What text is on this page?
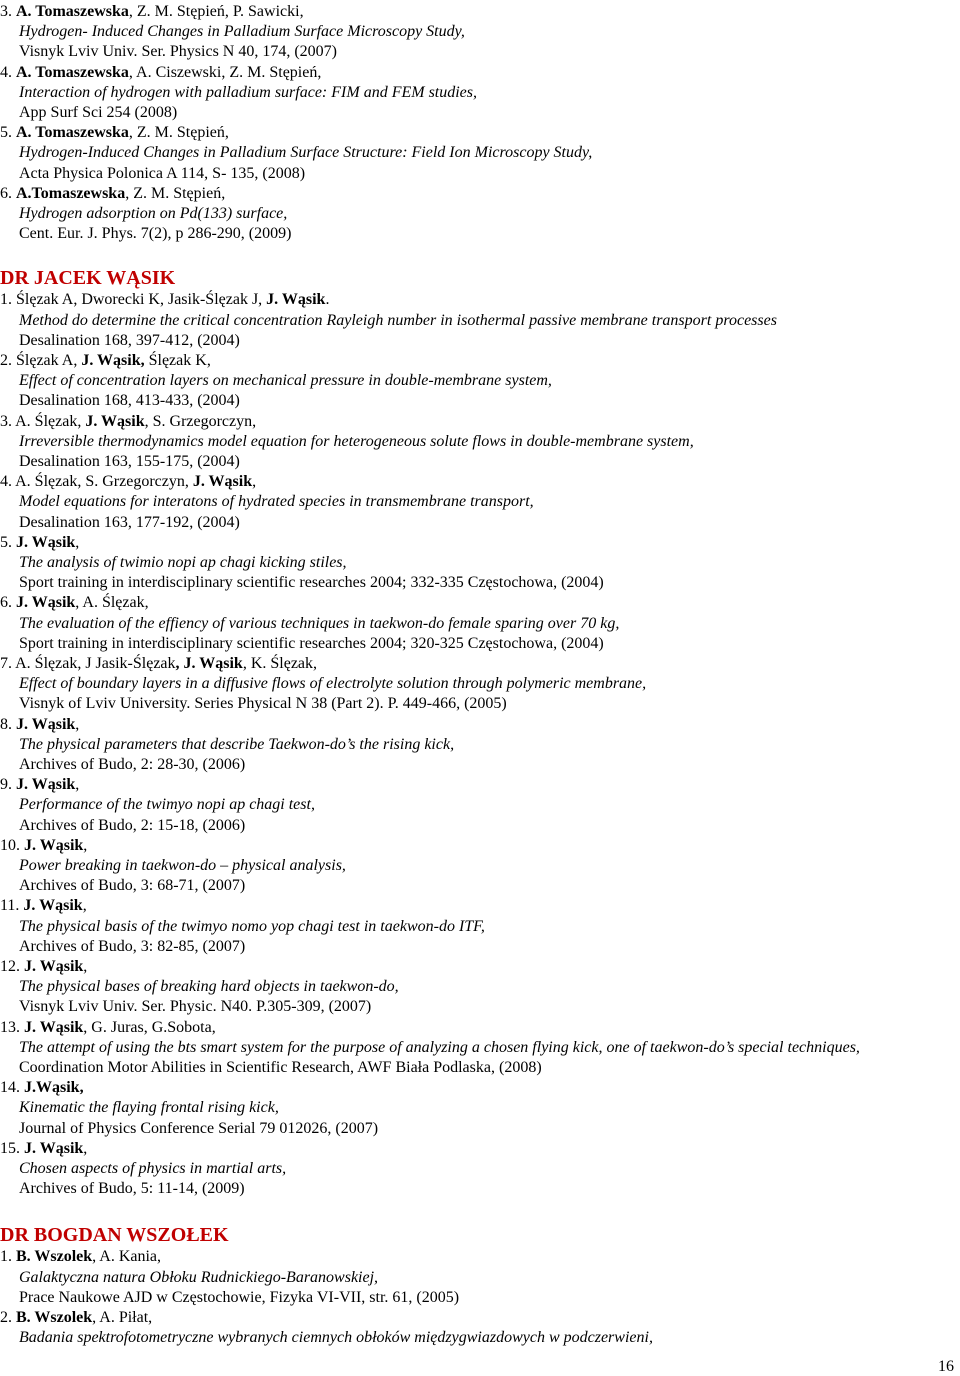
3. A. Tomaszewska, Z. M. Stępień, P. Sawicki,
Hydrogen- Induced Changes in Palladium Surface Microscopy Study,
Visnyk Lviv Univ. Ser. Physics N 40, 174, (2007)
4. A. Tomaszewska, A. Ciszewski, Z. M. Stępień,
Interaction of hydrogen with palladium surface: FIM and FEM studies,
App Surf Sci 254 (2008)
5. A. Tomaszewska, Z. M. Stępień,
Hydrogen-Induced Changes in Palladium Surface Structure: Field Ion Microscopy Study,
Acta Physica Polonica A 114, S- 135, (2008)
6. A.Tomaszewska, Z. M. Stępień,
Hydrogen adsorption on Pd(133) surface,
Cent. Eur. J. Phys. 7(2), p 286-290, (2009)
DR JACEK WĄSIK
1. Ślęzak A, Dworecki K, Jasik-Ślęzak J, J. Wąsik.
Method do determine the critical concentration Rayleigh number in isothermal passive membrane transport processes
Desalination 168, 397-412, (2004)
2. Ślęzak A, J. Wąsik, Ślęzak K,
Effect of concentration layers on mechanical pressure in double-membrane system,
Desalination 168, 413-433, (2004)
3. A. Ślęzak, J. Wąsik, S. Grzegorczyn,
Irreversible thermodynamics model equation for heterogeneous solute flows in double-membrane system,
Desalination 163, 155-175, (2004)
4. A. Ślęzak, S. Grzegorczyn, J. Wąsik,
Model equations for interatons of hydrated species in transmembrane transport,
Desalination 163, 177-192, (2004)
5. J. Wąsik,
The analysis of twimio nopi ap chagi kicking stiles,
Sport training in interdisciplinary scientific researches 2004; 332-335 Częstochowa, (2004)
6. J. Wąsik, A. Ślęzak,
The evaluation of the effiency of various techniques in taekwon-do female sparing over 70 kg,
Sport training in interdisciplinary scientific researches 2004; 320-325 Częstochowa, (2004)
7. A. Ślęzak, J Jasik-Ślęzak, J. Wąsik, K. Ślęzak,
Effect of boundary layers in a diffusive flows of electrolyte solution through polymeric membrane,
Visnyk of Lviv University. Series Physical N 38 (Part 2). P. 449-466, (2005)
8. J. Wąsik,
The physical parameters that describe Taekwon-do’s the rising kick,
Archives of Budo, 2: 28-30, (2006)
9. J. Wąsik,
Performance of the twimyo nopi ap chagi test,
Archives of Budo, 2: 15-18, (2006)
10. J. Wąsik,
Power breaking in taekwon-do – physical analysis,
Archives of Budo, 3: 68-71, (2007)
11. J. Wąsik,
The physical basis of the twimyo nomo yop chagi test in taekwon-do ITF,
Archives of Budo, 3: 82-85, (2007)
12. J. Wąsik,
The physical bases of breaking hard objects in taekwon-do,
Visnyk Lviv Univ. Ser. Physic. N40. P.305-309, (2007)
13. J. Wąsik, G. Juras, G.Sobota,
The attempt of using the bts smart system for the purpose of analyzing a chosen flying kick, one of taekwon-do’s special techniques,
Coordination Motor Abilities in Scientific Research, AWF Biała Podlaska, (2008)
14. J.Wąsik,
Kinematic the flaying frontal rising kick,
Journal of Physics Conference Serial 79 012026, (2007)
15. J. Wąsik,
Chosen aspects of physics in martial arts,
Archives of Budo, 5: 11-14, (2009)
DR BOGDAN WSZOŁEK
1. B. Wszolek, A. Kania,
Galaktyczna natura Obłoku Rudnickiego-Baranowskiej,
Prace Naukowe AJD w Częstochowie, Fizyka VI-VII, str. 61, (2005)
2. B. Wszolek, A. Piłat,
Badania spektrofotometryczne wybranych ciemnych obłoków międzygwiazdowych w podczerwieni,
16
